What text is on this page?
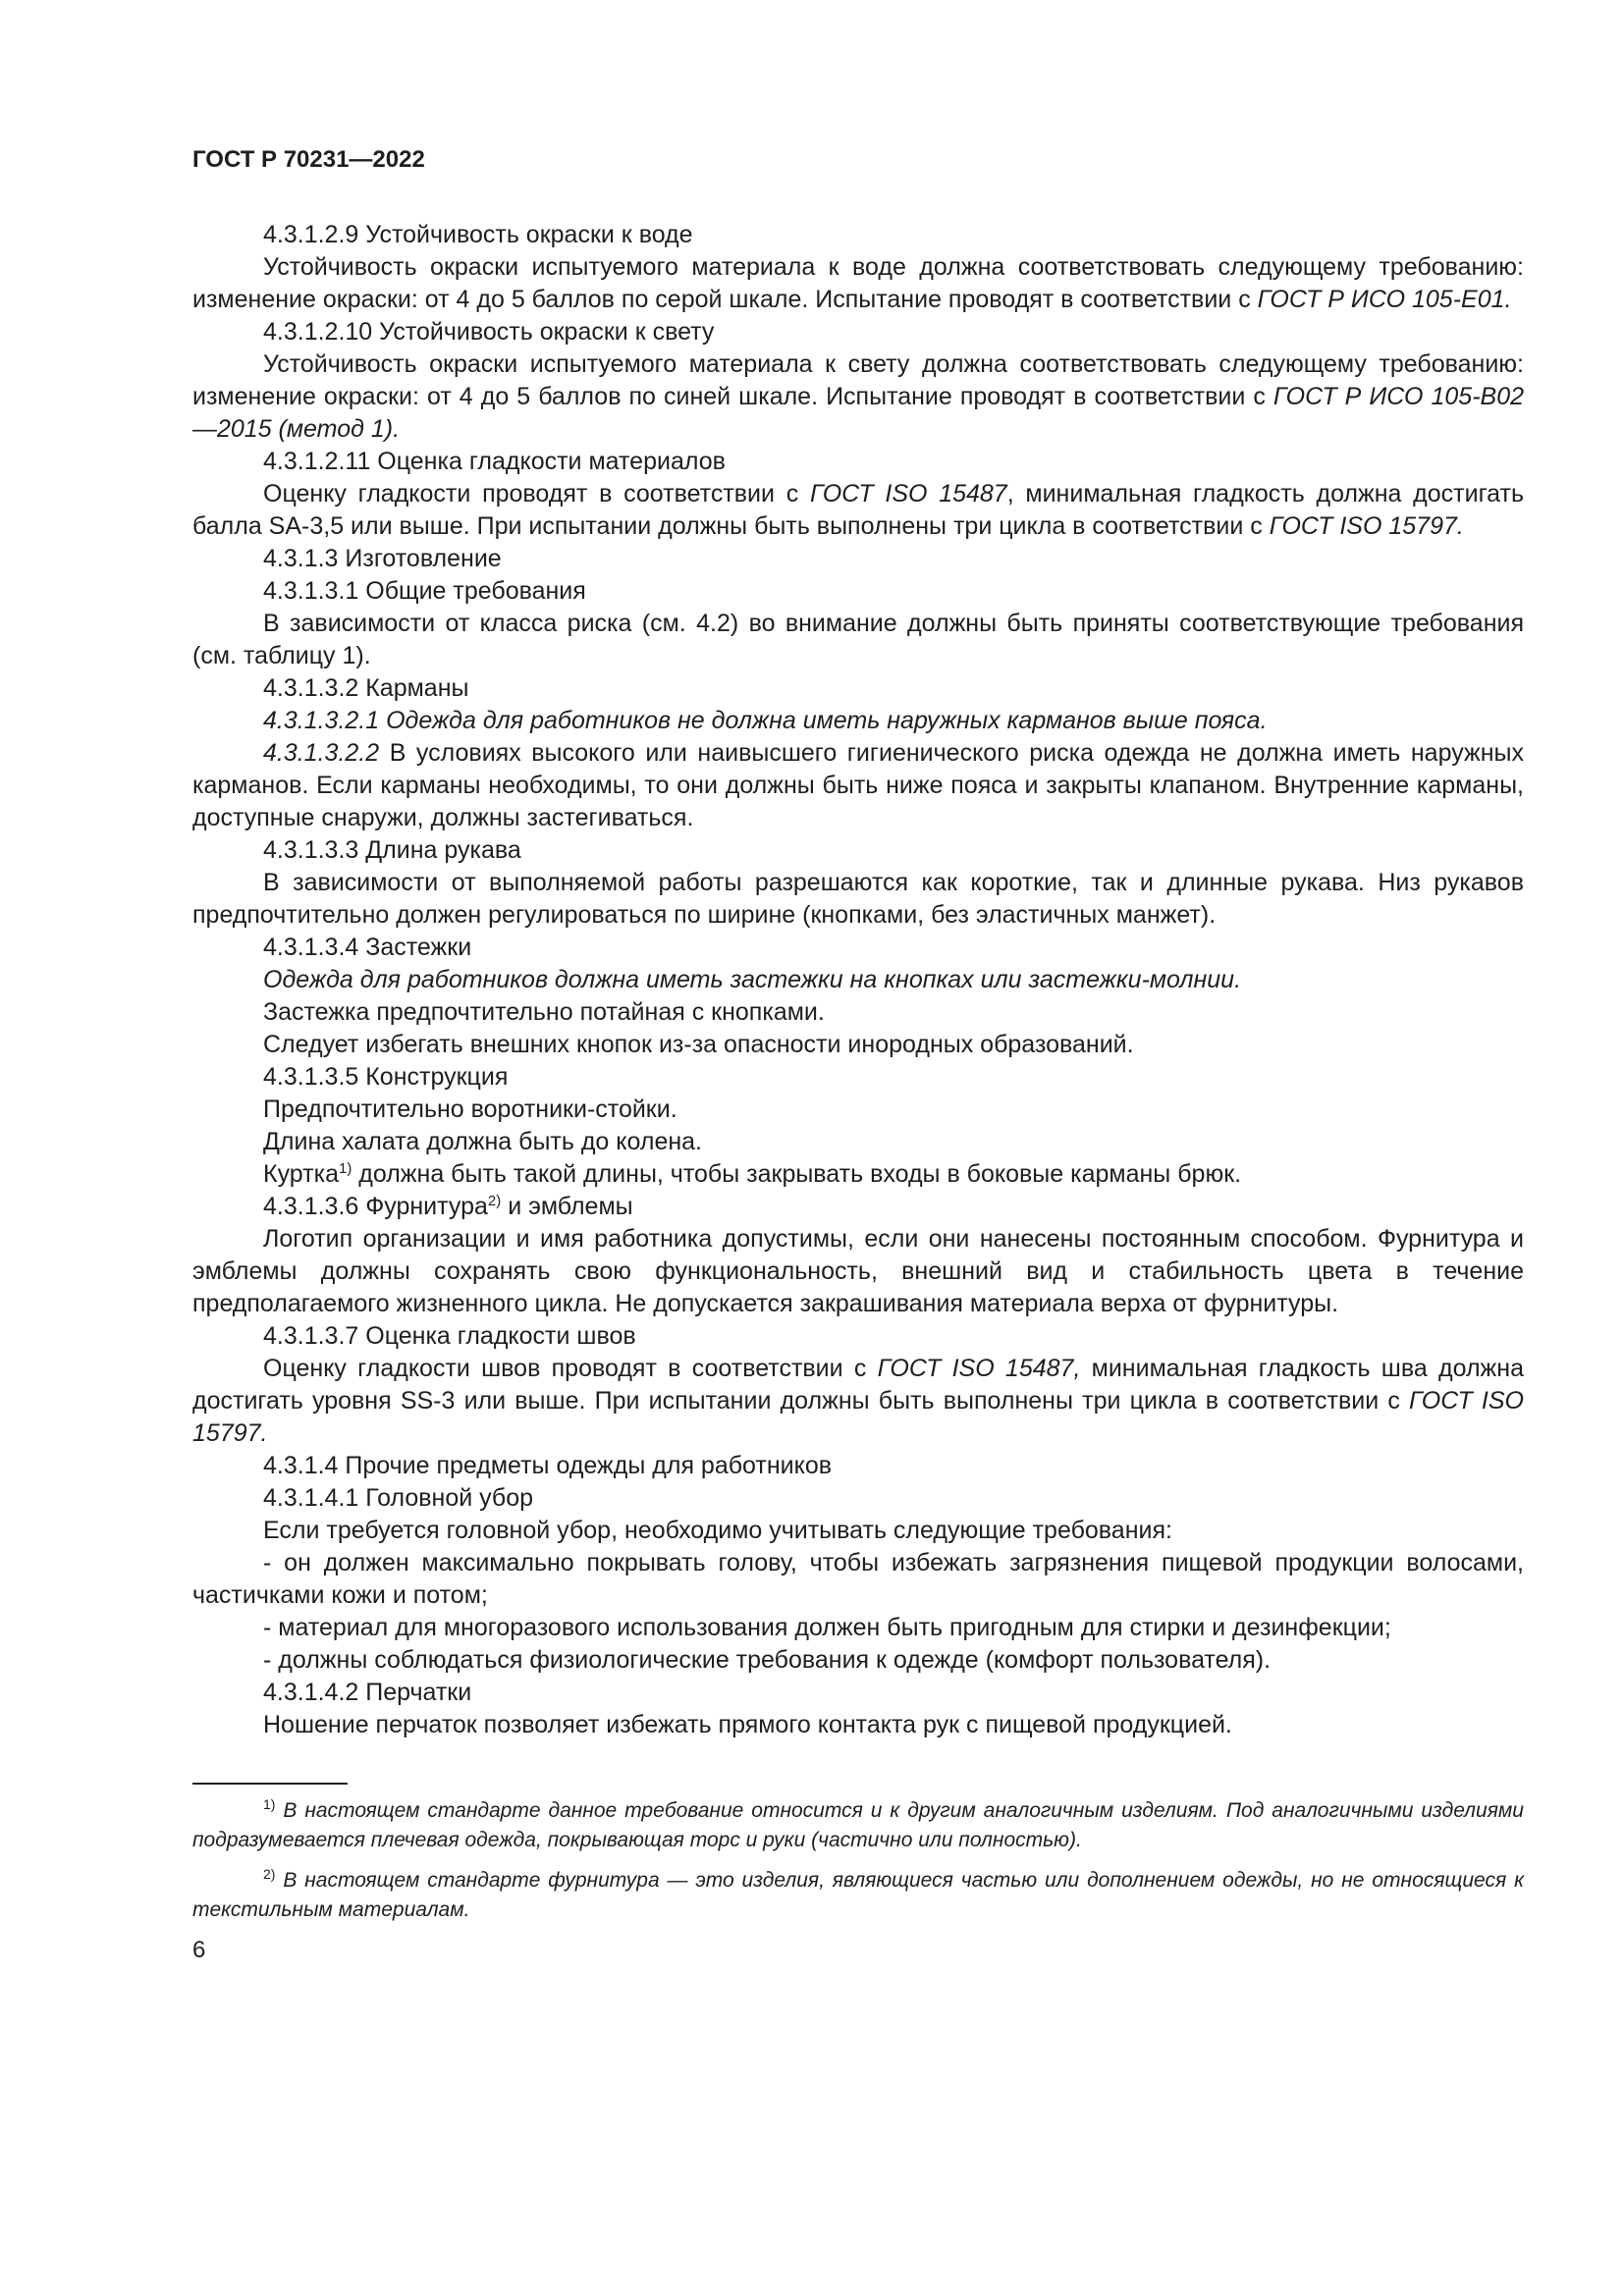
ГОСТ Р 70231—2022

4.3.1.2.9 Устойчивость окраски к воде

Устойчивость окраски испытуемого материала к воде должна соответствовать следующему требованию: изменение окраски: от 4 до 5 баллов по серой шкале. Испытание проводят в соответствии с ГОСТ Р ИСО 105-Е01.

4.3.1.2.10 Устойчивость окраски к свету

Устойчивость окраски испытуемого материала к свету должна соответствовать следующему требованию: изменение окраски: от 4 до 5 баллов по синей шкале. Испытание проводят в соответствии с ГОСТ Р ИСО 105-В02—2015 (метод 1).

4.3.1.2.11 Оценка гладкости материалов

Оценку гладкости проводят в соответствии с ГОСТ ISO 15487, минимальная гладкость должна достигать балла SA-3,5 или выше. При испытании должны быть выполнены три цикла в соответствии с ГОСТ ISO 15797.

4.3.1.3 Изготовление

4.3.1.3.1 Общие требования

В зависимости от класса риска (см. 4.2) во внимание должны быть приняты соответствующие требования (см. таблицу 1).

4.3.1.3.2 Карманы

4.3.1.3.2.1 Одежда для работников не должна иметь наружных карманов выше пояса.

4.3.1.3.2.2 В условиях высокого или наивысшего гигиенического риска одежда не должна иметь наружных карманов. Если карманы необходимы, то они должны быть ниже пояса и закрыты клапаном. Внутренние карманы, доступные снаружи, должны застегиваться.

4.3.1.3.3 Длина рукава

В зависимости от выполняемой работы разрешаются как короткие, так и длинные рукава. Низ рукавов предпочтительно должен регулироваться по ширине (кнопками, без эластичных манжет).

4.3.1.3.4 Застежки

Одежда для работников должна иметь застежки на кнопках или застежки-молнии.

Застежка предпочтительно потайная с кнопками.

Следует избегать внешних кнопок из-за опасности инородных образований.

4.3.1.3.5 Конструкция

Предпочтительно воротники-стойки.

Длина халата должна быть до колена.

Куртка$^{1)}$ должна быть такой длины, чтобы закрывать входы в боковые карманы брюк.

4.3.1.3.6 Фурнитура$^{2)}$ и эмблемы

Логотип организации и имя работника допустимы, если они нанесены постоянным способом. Фурнитура и эмблемы должны сохранять свою функциональность, внешний вид и стабильность цвета в течение предполагаемого жизненного цикла. Не допускается закрашивания материала верха от фурнитуры.

4.3.1.3.7 Оценка гладкости швов

Оценку гладкости швов проводят в соответствии с ГОСТ ISO 15487, минимальная гладкость шва должна достигать уровня SS-3 или выше. При испытании должны быть выполнены три цикла в соответствии с ГОСТ ISO 15797.

4.3.1.4 Прочие предметы одежды для работников

4.3.1.4.1 Головной убор

Если требуется головной убор, необходимо учитывать следующие требования:

- он должен максимально покрывать голову, чтобы избежать загрязнения пищевой продукции волосами, частичками кожи и потом;

- материал для многоразового использования должен быть пригодным для стирки и дезинфекции;

- должны соблюдаться физиологические требования к одежде (комфорт пользователя).

4.3.1.4.2 Перчатки

Ношение перчаток позволяет избежать прямого контакта рук с пищевой продукцией.

$^{1)}$ В настоящем стандарте данное требование относится и к другим аналогичным изделиям. Под аналогичными изделиями подразумевается плечевая одежда, покрывающая торс и руки (частично или полностью).

$^{2)}$ В настоящем стандарте фурнитура — это изделия, являющиеся частью или дополнением одежды, но не относящиеся к текстильным материалам.

6
